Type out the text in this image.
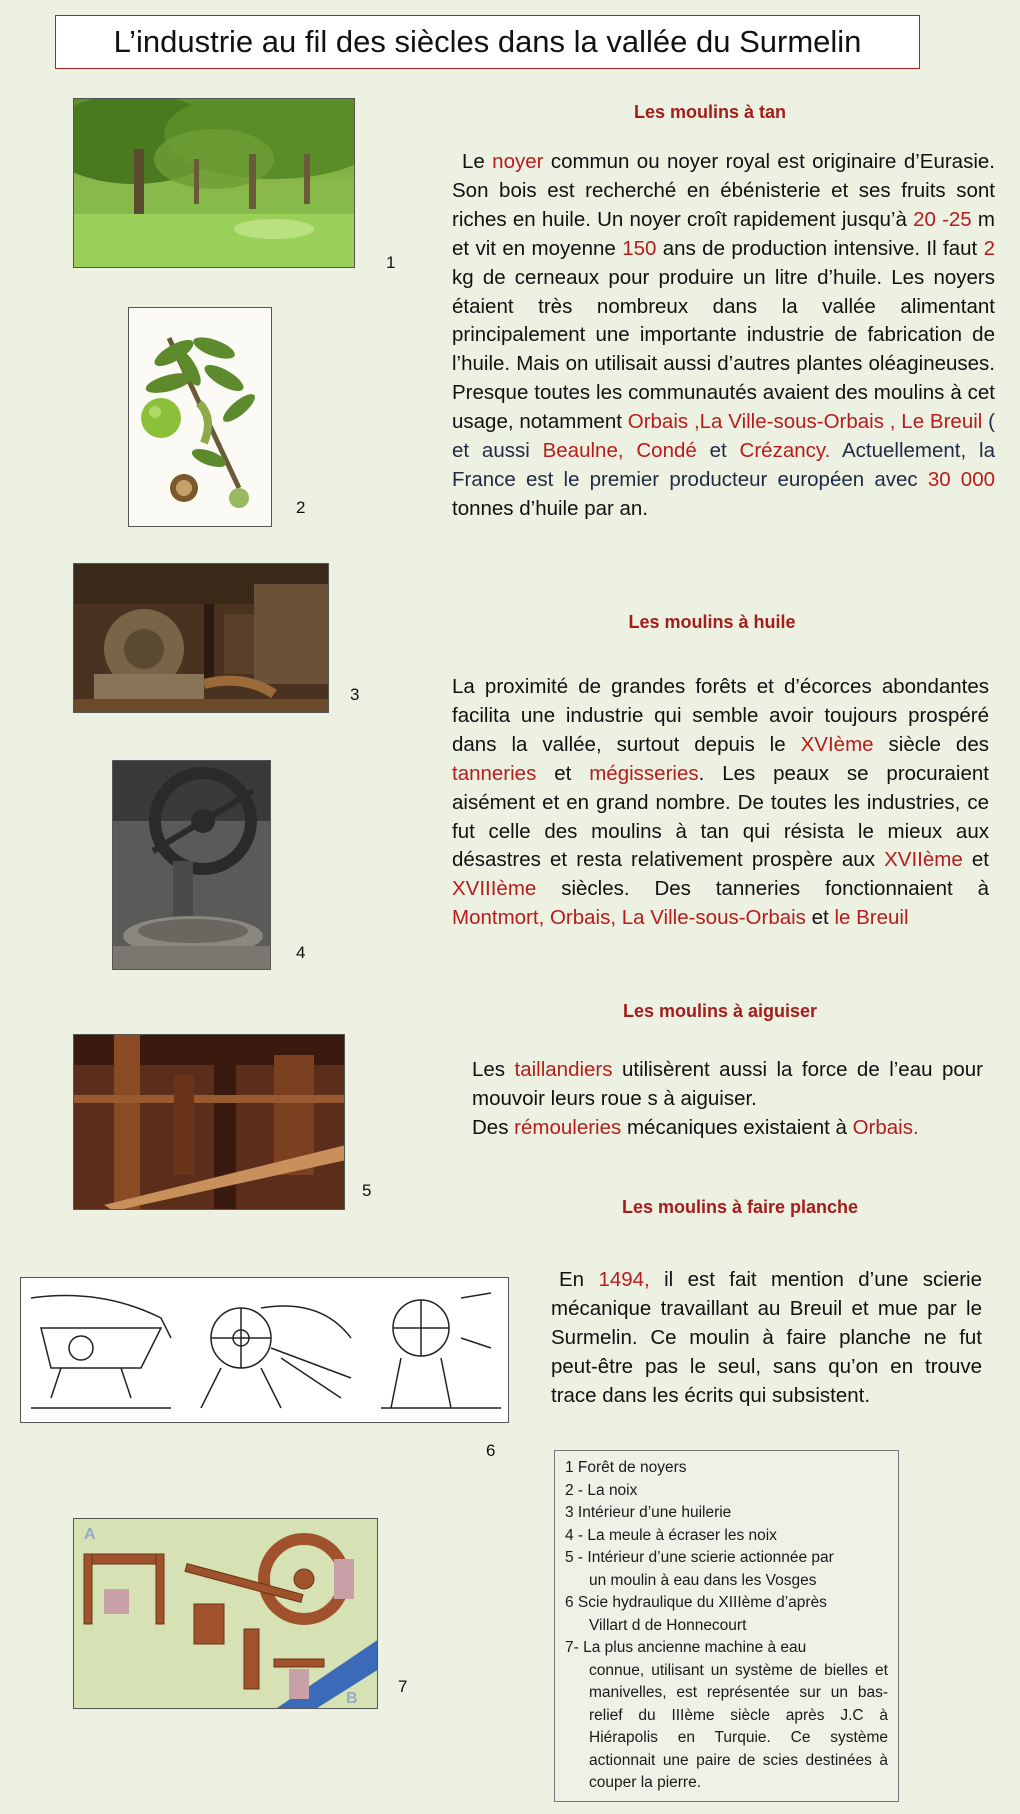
L’industrie au fil des siècles dans la vallée du Surmelin
1
2
3
4
5
6
A
B
7
Les moulins à tan
Le noyer commun ou noyer royal est originaire d’Eurasie. Son bois est recherché en ébénisterie et ses fruits sont riches en huile. Un noyer croît rapidement jusqu’à 20 -25 m et vit en moyenne 150 ans de production intensive. Il faut 2 kg de cerneaux pour produire un litre d’huile. Les noyers étaient très nombreux dans la vallée alimentant principalement une importante industrie de fabrication de l’huile. Mais on utilisait aussi d’autres plantes oléagineuses. Presque toutes les communautés avaient des moulins à cet usage, notamment Orbais ,La Ville-sous-Orbais , Le Breuil ( et aussi Beaulne, Condé et Crézancy. Actuellement, la France est le premier producteur européen avec 30 000 tonnes d’huile par an.
Les moulins à huile
La proximité de grandes forêts et d’écorces abondantes facilita une industrie qui semble avoir toujours prospéré dans la vallée, surtout depuis le XVIème siècle des tanneries et mégisseries. Les peaux se procuraient aisément et en grand nombre. De toutes les industries, ce fut celle des moulins à tan qui résista le mieux aux désastres et resta relativement prospère aux XVIIème et XVIIIème siècles. Des tanneries fonctionnaient à Montmort, Orbais, La Ville-sous-Orbais et le Breuil
Les moulins à aiguiser
Les taillandiers utilisèrent aussi la force de l’eau pour mouvoir leurs roue s à aiguiser.
Des rémouleries mécaniques existaient à Orbais.
Les moulins à faire planche
En 1494, il est fait mention d’une scierie mécanique travaillant au Breuil et mue par le Surmelin. Ce moulin à faire planche ne fut peut-être pas le seul, sans qu’on en trouve trace dans les écrits qui subsistent.
1 Forêt de noyers
2 - La noix
3 Intérieur d’une huilerie
4 - La meule à écraser les noix
5 - Intérieur d’une scierie actionnée par
un moulin à eau dans les Vosges
6 Scie hydraulique du XIIIème d’après
Villart d de Honnecourt
7- La plus ancienne machine à eau
connue, utilisant un système de bielles et manivelles, est représentée sur un bas-relief du IIIème siècle après J.C à Hiérapolis en Turquie. Ce système actionnait une paire de scies destinées à couper la pierre.
